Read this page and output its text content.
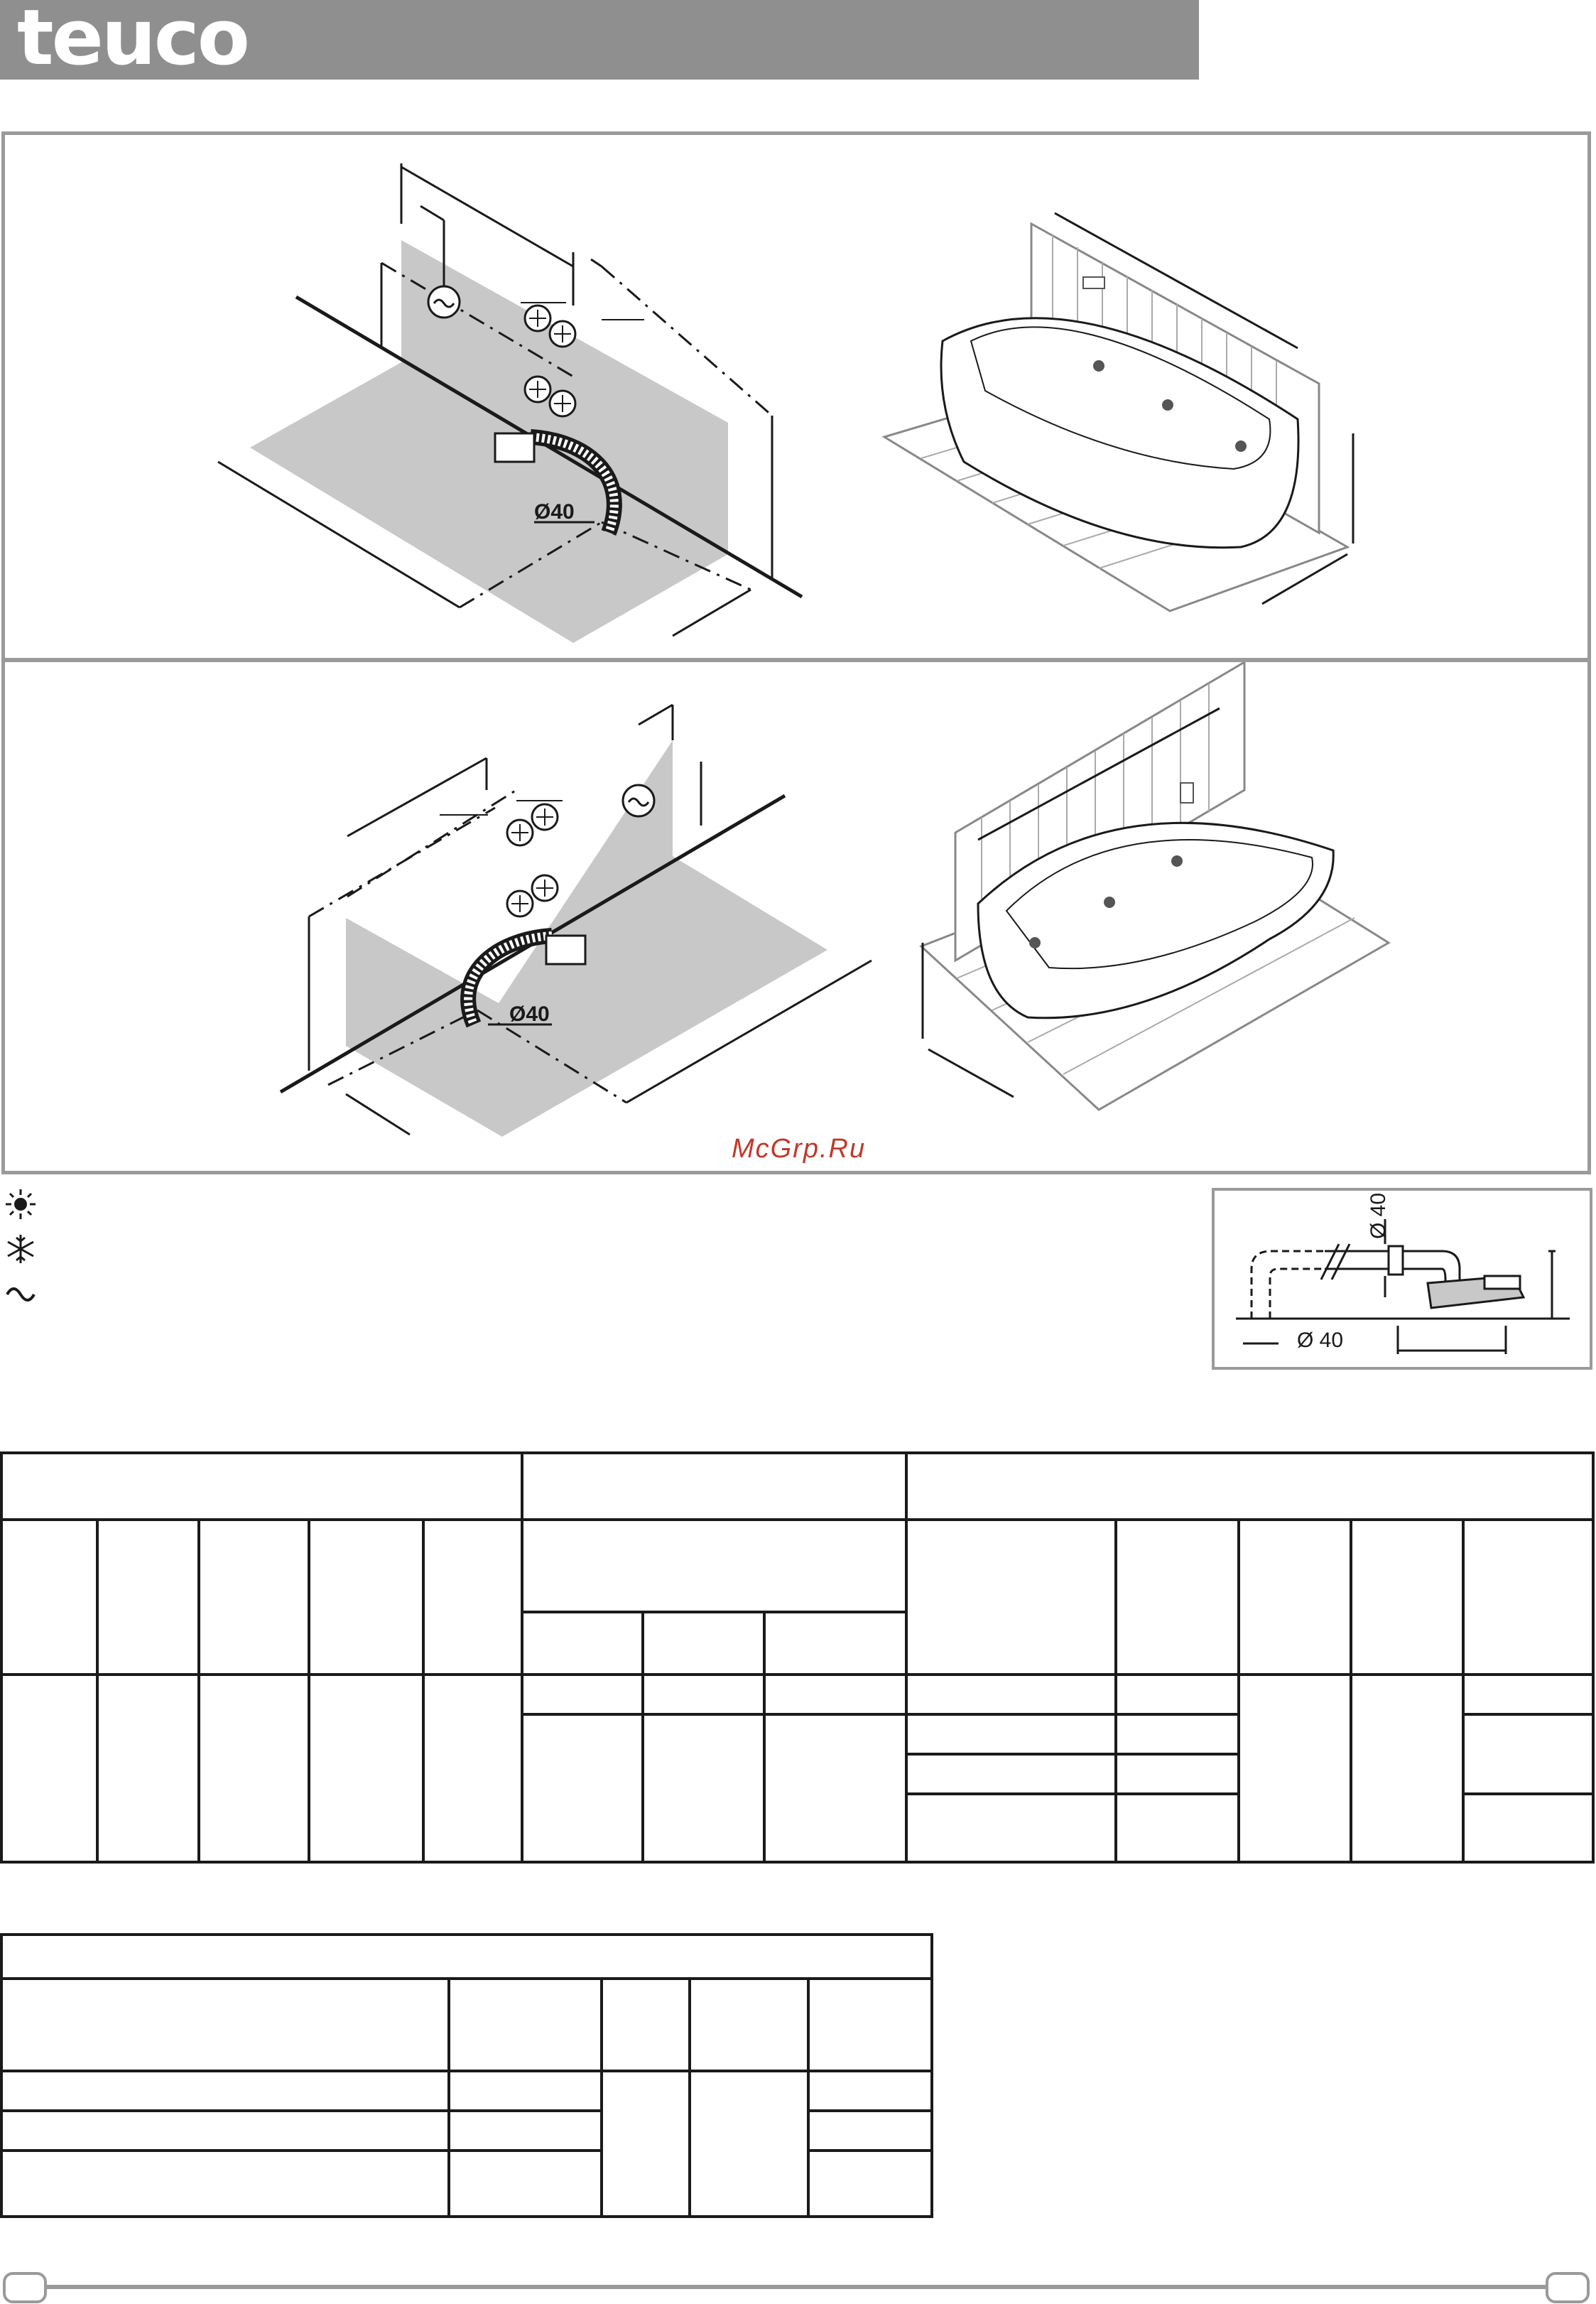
teuco
Ø40
Ø40
McGrp.Ru
Ø 40
Ø 40
